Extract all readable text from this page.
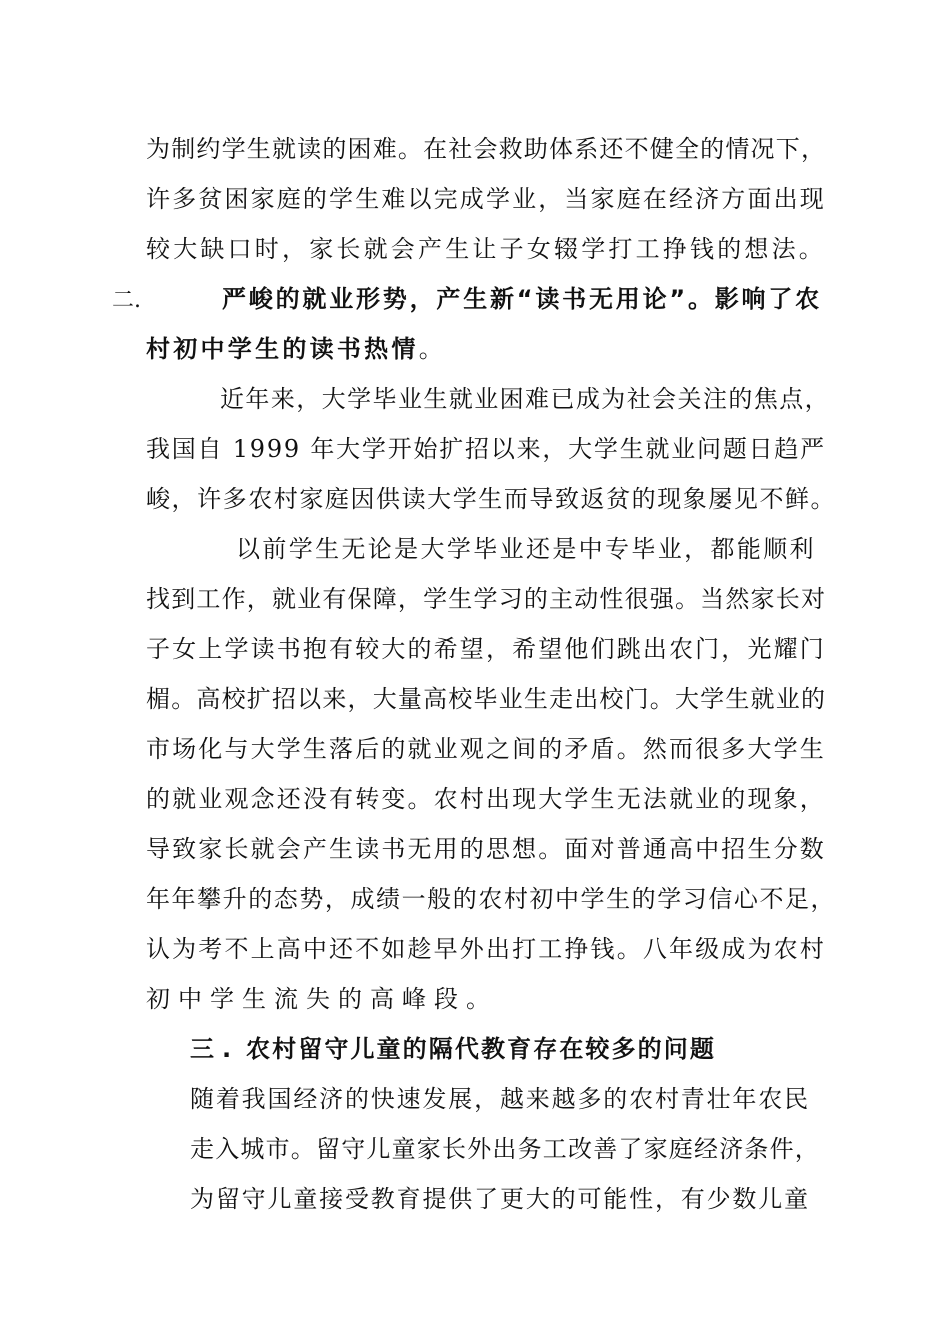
为制约学生就读的困难。在社会救助体系还不健全的情况下，
许多贫困家庭的学生难以完成学业，当家庭在经济方面出现
较大缺口时，家长就会产生让子女辍学打工挣钱的想法。
二.	严峻的就业形势，产生新“读书无用论”。影响了农
村初中学生的读书热情。
近年来，大学毕业生就业困难已成为社会关注的焦点，
我国自 1999 年大学开始扩招以来，大学生就业问题日趋严
峻，许多农村家庭因供读大学生而导致返贫的现象屡见不鲜。
以前学生无论是大学毕业还是中专毕业，都能顺利
找到工作，就业有保障，学生学习的主动性很强。当然家长对
子女上学读书抱有较大的希望，希望他们跳出农门，光耀门
楣。高校扩招以来，大量高校毕业生走出校门。大学生就业的
市场化与大学生落后的就业观之间的矛盾。然而很多大学生
的就业观念还没有转变。农村出现大学生无法就业的现象，
导致家长就会产生读书无用的思想。面对普通高中招生分数
年年攀升的态势，成绩一般的农村初中学生的学习信心不足，
认为考不上高中还不如趁早外出打工挣钱。八年级成为农村
初中学生流失的高峰段。
三. 农村留守儿童的隔代教育存在较多的问题
随着我国经济的快速发展，越来越多的农村青壮年农民
走入城市。留守儿童家长外出务工改善了家庭经济条件，
为留守儿童接受教育提供了更大的可能性，有少数儿童
